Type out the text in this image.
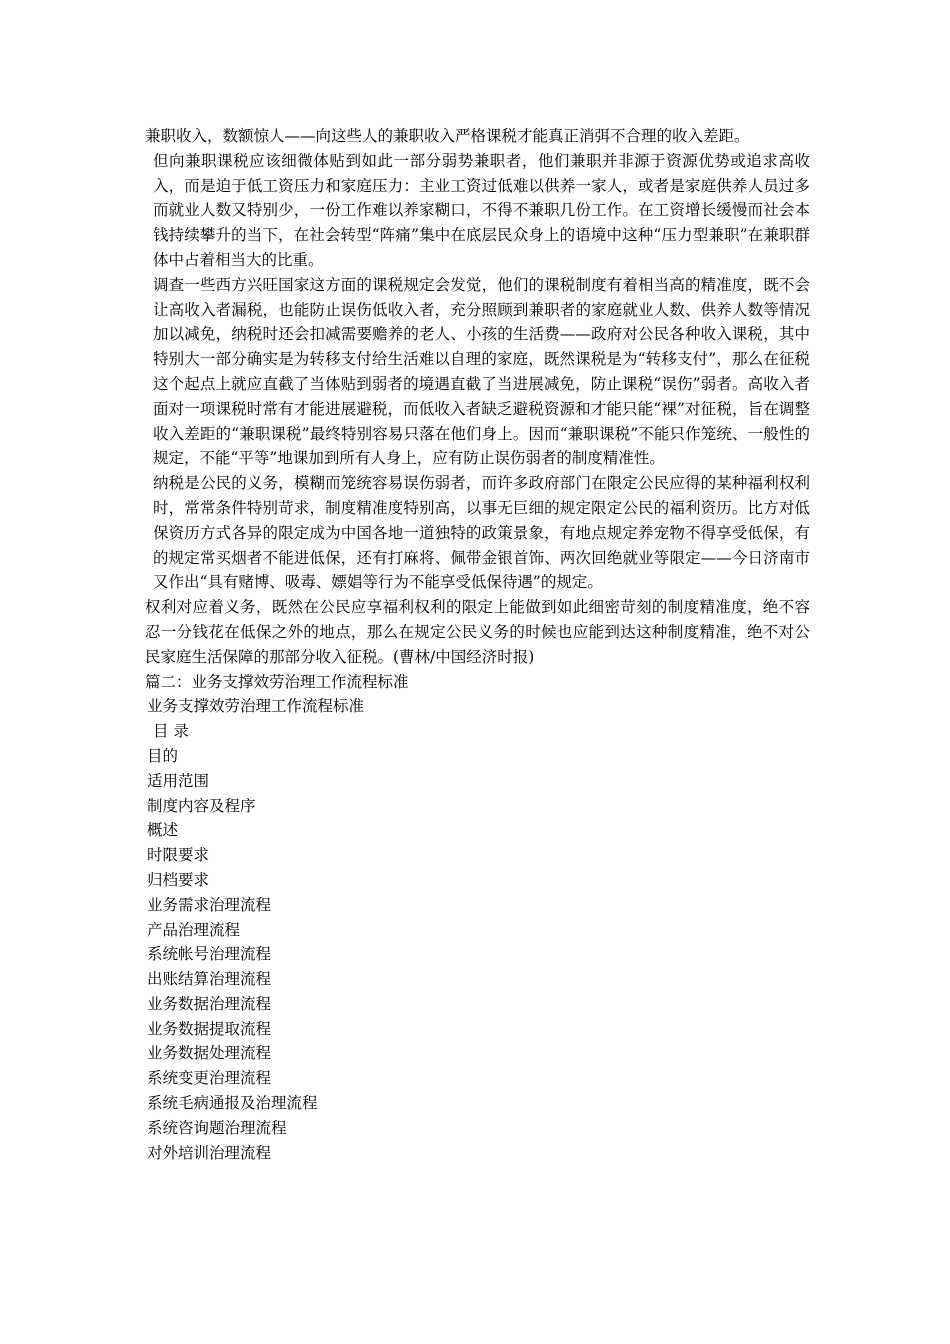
兼职收入，数额惊人——向这些人的兼职收入严格课税才能真正消弭不合理的收入差距。

但向兼职课税应该细微体贴到如此一部分弱势兼职者，他们兼职并非源于资源优势或追求高收入，而是迫于低工资压力和家庭压力：主业工资过低难以供养一家人，或者是家庭供养人员过多而就业人数又特别少，一份工作难以养家糊口，不得不兼职几份工作。在工资增长缓慢而社会本钱持续攀升的当下，在社会转型“阵痛”集中在底层民众身上的语境中这种“压力型兼职”在兼职群体中占着相当大的比重。

调查一些西方兴旺国家这方面的课税规定会发觉，他们的课税制度有着相当高的精准度，既不会让高收入者漏税，也能防止误伤低收入者，充分照顾到兼职者的家庭就业人数、供养人数等情况加以减免，纳税时还会扣减需要赡养的老人、小孩的生活费——政府对公民各种收入课税，其中特别大一部分确实是为转移支付给生活难以自理的家庭，既然课税是为“转移支付”，那么在征税这个起点上就应直截了当体贴到弱者的境遇直截了当进展减免，防止课税“误伤”弱者。高收入者面对一项课税时常有才能进展避税，而低收入者缺乏避税资源和才能只能“裸”对征税，旨在调整收入差距的“兼职课税”最终特别容易只落在他们身上。因而“兼职课税”不能只作笼统、一般性的规定，不能“平等”地课加到所有人身上，应有防止误伤弱者的制度精准性。

纳税是公民的义务，模糊而笼统容易误伤弱者，而许多政府部门在限定公民应得的某种福利权利时，常常条件特别苛求，制度精准度特别高，以事无巨细的规定限定公民的福利资历。比方对低保资历方式各异的限定成为中国各地一道独特的政策景象，有地点规定养宠物不得享受低保，有的规定常买烟者不能进低保，还有打麻将、佩带金银首饰、两次回绝就业等限定——今日济南市又作出“具有赌博、吸毒、嫖娼等行为不能享受低保待遇”的规定。

权利对应着义务，既然在公民应享福利权利的限定上能做到如此细密苛刻的制度精准度，绝不容忍一分钱花在低保之外的地点，那么在规定公民义务的时候也应能到达这种制度精准，绝不对公民家庭生活保障的那部分收入征税。(曹林/中国经济时报)

篇二：业务支撑效劳治理工作流程标准

业务支撑效劳治理工作流程标准

目 录

目的
适用范围
制度内容及程序
概述
时限要求
归档要求
业务需求治理流程
产品治理流程
系统帐号治理流程
出账结算治理流程
业务数据治理流程
业务数据提取流程
业务数据处理流程
系统变更治理流程
系统毛病通报及治理流程
系统咨询题治理流程
对外培训治理流程
